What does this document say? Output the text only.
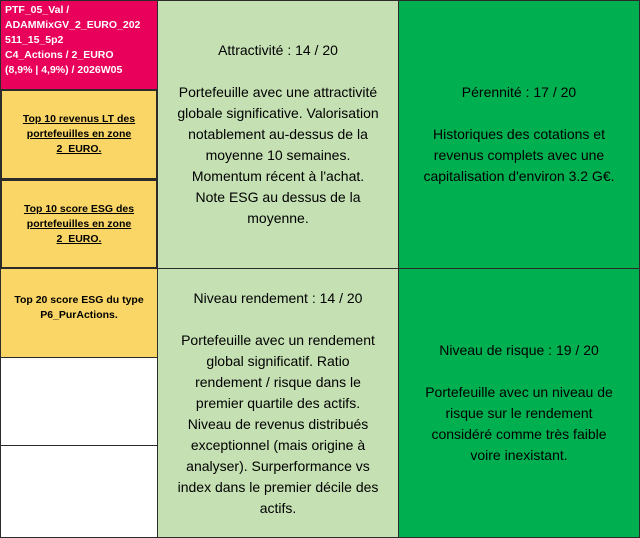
PTF_05_Val /
ADAMMixGV_2_EURO_202
511_15_5p2
C4_Actions / 2_EURO
(8,9% | 4,9%) / 2026W05
Top 10 revenus LT des
portefeuilles en zone
2_EURO.
Top 10 score ESG des
portefeuilles en zone
2_EURO.
Top 20 score ESG du type
P6_PurActions.
Attractivité : 14 / 20
Portefeuille avec une attractivité
globale significative. Valorisation
notablement au-dessus de la
moyenne 10 semaines.
Momentum récent à l'achat.
Note ESG au dessus de la
moyenne.
Pérennité : 17 / 20
Historiques des cotations et
revenus complets avec une
capitalisation d'environ 3.2 G€.
Niveau rendement : 14 / 20
Portefeuille avec un rendement
global significatif. Ratio
rendement / risque dans le
premier quartile des actifs.
Niveau de revenus distribués
exceptionnel (mais origine à
analyser). Surperformance vs
index dans le premier décile des
actifs.
Niveau de risque : 19 / 20
Portefeuille avec un niveau de
risque sur le rendement
considéré comme très faible
voire inexistant.
